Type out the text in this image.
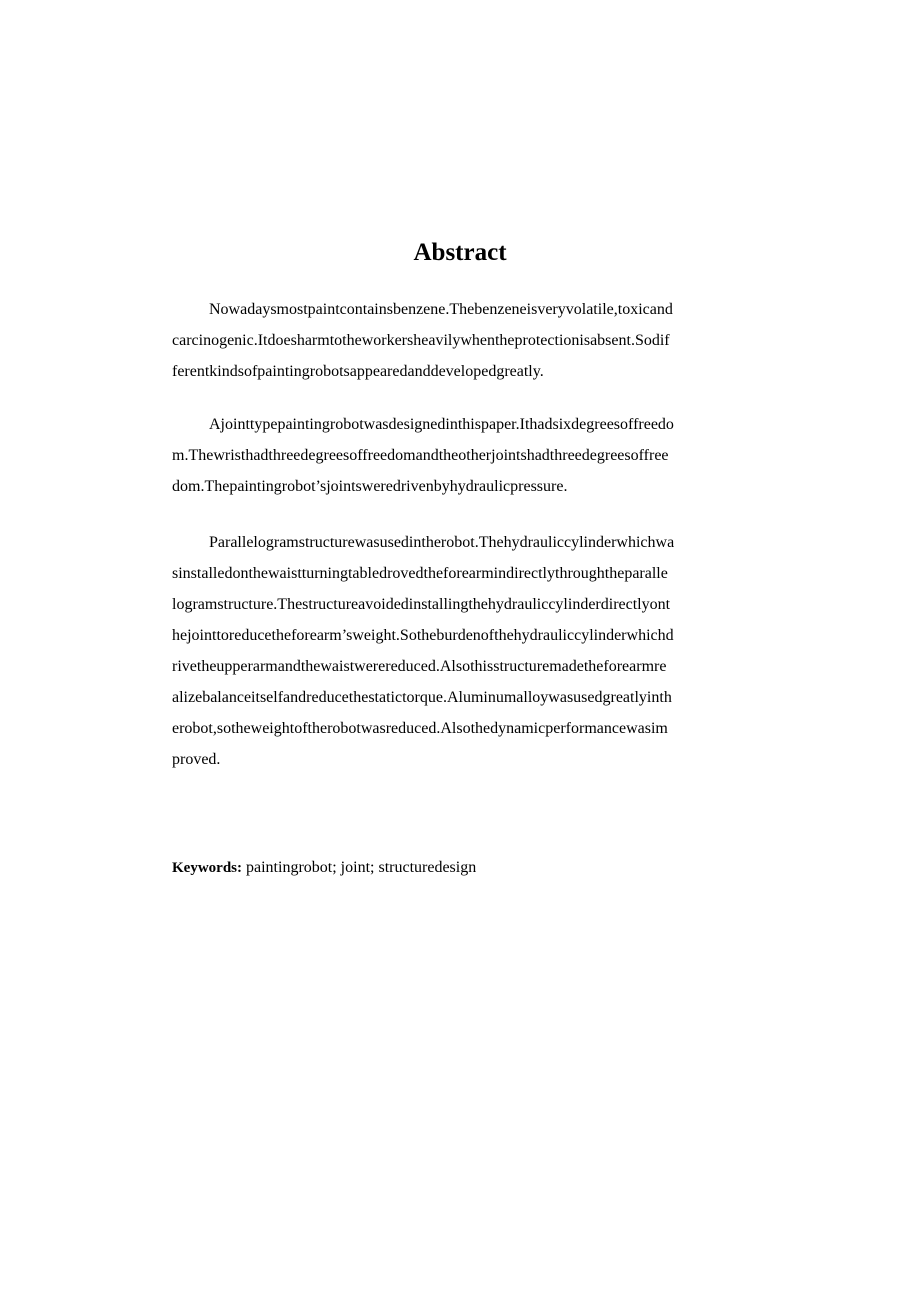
Abstract
Nowadaysmostpaintcontainsbenzene.Thebenzeneisveryvolatile,toxicand
carcinogenic.Itdoesharmtotheworkersheavilywhentheprotectionisabsent.Sodif
ferentkindsofpaintingrobotsappearedanddevelopedgreatly.
Ajointtypepaintingrobotwasdesignedinthispaper.Ithadsixdegreesoffreedo
m.Thewristhadthreedegreesoffreedomandtheotherjointshadthreedegreesoffree
dom.Thepaintingrobot’sjointsweredrivenbyhydraulicpressure.
Parallelogramstructurewasusedintherobot.Thehydrauliccylinderwhichwa
sinstalledonthewaistturningtabledrovedtheforearmindirectlythroughtheparalle
logramstructure.Thestructureavoidedinstallingthehydrauliccylinderdirectlyont
hejointtoreducetheforearm’sweight.Sotheburdenofthehydrauliccylinderwhichd
rivetheupperarmandthewaistwerereduced.Alsothisstructuremadetheforearmre
alizebalanceitselfandreducethestatictorque.Aluminumalloywasusedgreatlyinth
erobot,sotheweightoftherobotwasreduced.Alsothedynamicperformancewasim
proved.
Keywords: paintingrobot; joint; structuredesign
